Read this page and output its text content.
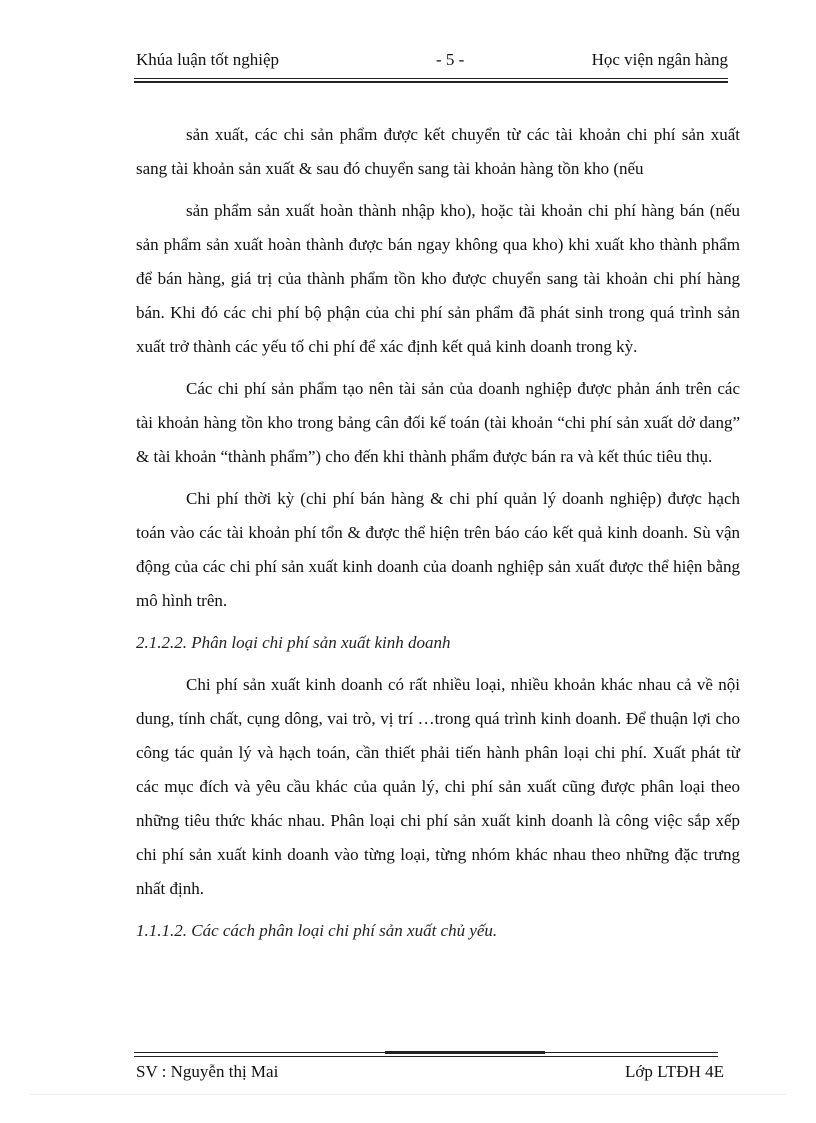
Khúa luận tốt nghiệp	- 5 -	Học viện ngân hàng

sản xuất, các chi sản phẩm được kết chuyển từ các tài khoản chi phí sản xuất sang tài khoản sản xuất & sau đó chuyển sang tài khoản hàng tồn kho (nếu

sản phẩm sản xuất hoàn thành nhập kho), hoặc tài khoản chi phí hàng bán (nếu sản phẩm sản xuất hoàn thành được bán ngay không qua kho) khi xuất kho thành phẩm để bán hàng, giá trị của thành phẩm tồn kho được chuyển sang tài khoản chi phí hàng bán. Khi đó các chi phí bộ phận của chi phí sản phẩm đã phát sinh trong quá trình sản xuất trở thành các yếu tố chi phí để xác định kết quả kinh doanh trong kỳ.

Các chi phí sản phẩm tạo nên tài sản của doanh nghiệp được phản ánh trên các tài khoản hàng tồn kho trong bảng cân đối kế toán (tài khoản “chi phí sản xuất dở dang” & tài khoản “thành phẩm”) cho đến khi thành phẩm được bán ra và kết thúc tiêu thụ.

Chi phí thời kỳ (chi phí bán hàng & chi phí quản lý doanh nghiệp) được hạch toán vào các tài khoản phí tổn & được thể hiện trên báo cáo kết quả kinh doanh. Sù vận động của các chi phí sản xuất kinh doanh của doanh nghiệp sản xuất được thể hiện bằng mô hình trên.

2.1.2.2. Phân loại chi phí sản xuất kinh doanh

Chi phí sản xuất kinh doanh có rất nhiều loại, nhiều khoản khác nhau cả về nội dung, tính chất, cụng dông, vai trò, vị trí …trong quá trình kinh doanh. Để thuận lợi cho công tác quản lý và hạch toán, cần thiết phải tiến hành phân loại chi phí. Xuất phát từ các mục đích và yêu cầu khác của quản lý, chi phí sản xuất cũng được phân loại theo những tiêu thức khác nhau. Phân loại chi phí sản xuất kinh doanh là công việc sắp xếp chi phí sản xuất kinh doanh vào từng loại, từng nhóm khác nhau theo những đặc trưng nhất định.

1.1.1.2. Các cách phân loại chi phí sản xuất chủ yếu.
SV : Nguyễn thị Mai	Lớp LTĐH 4E
